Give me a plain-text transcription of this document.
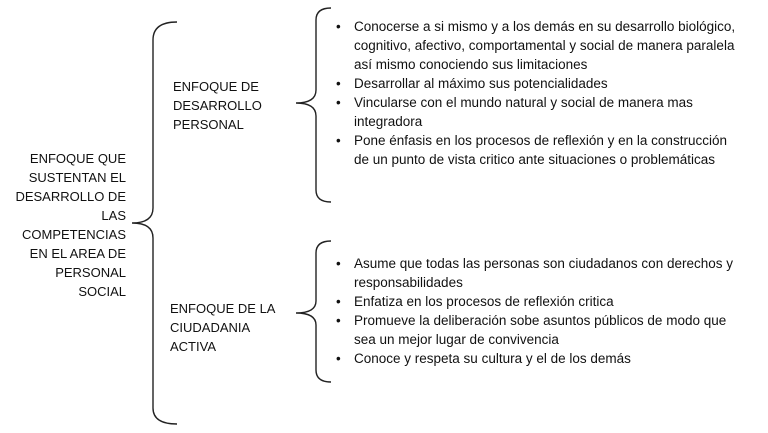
ENFOQUE QUE
SUSTENTAN EL
DESARROLLO DE
LAS
COMPETENCIAS
EN EL AREA DE
PERSONAL
SOCIAL
ENFOQUE DE
DESARROLLO
PERSONAL
ENFOQUE DE LA
CIUDADANIA
ACTIVA
• Conocerse a si mismo y a los demás en su desarrollo biológico, cognitivo, afectivo, comportamental y social de manera paralela así mismo conociendo sus limitaciones
• Desarrollar al máximo sus potencialidades
• Vincularse con el mundo natural y social de manera mas integradora
• Pone énfasis en los procesos de reflexión y en la construcción de un punto de vista critico ante situaciones o problemáticas
• Asume que todas las personas son ciudadanos con derechos y responsabilidades
• Enfatiza en los procesos de reflexión critica
• Promueve la deliberación sobe asuntos públicos de modo que sea un mejor lugar de convivencia
• Conoce y respeta su cultura y el de los demás
